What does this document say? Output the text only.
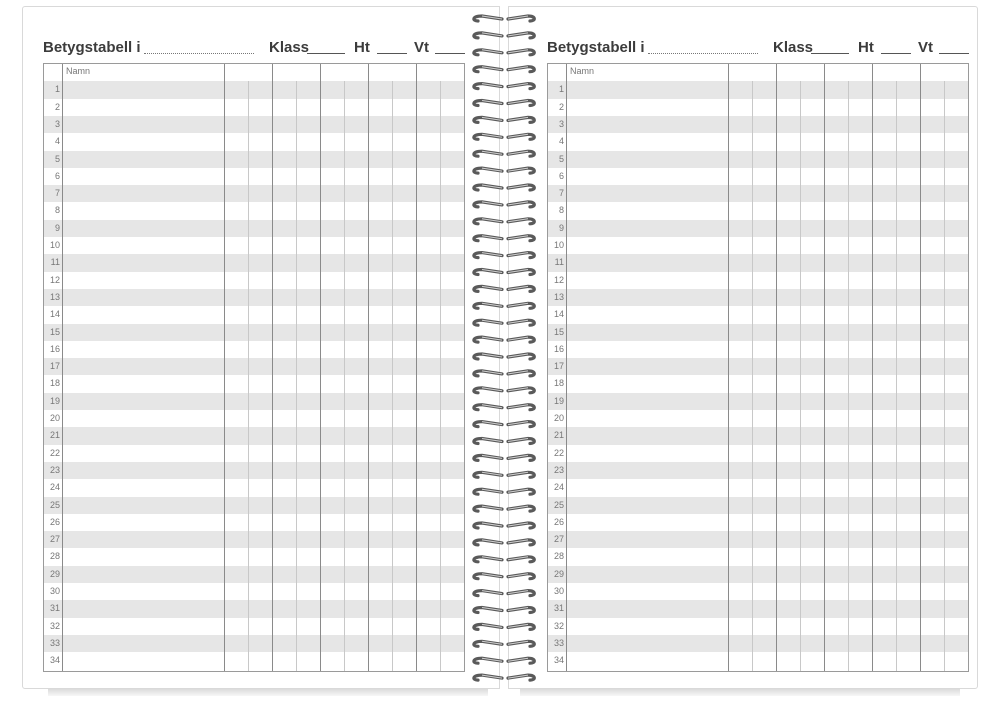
Betygstabell i	Klass	Ht	Vt
Namn
1
2
3
4
5
6
7
8
9
10
11
12
13
14
15
16
17
18
19
20
21
22
23
24
25
26
27
28
29
30
31
32
33
34
Betygstabell i	Klass	Ht	Vt
Namn
1
2
3
4
5
6
7
8
9
10
11
12
13
14
15
16
17
18
19
20
21
22
23
24
25
26
27
28
29
30
31
32
33
34
